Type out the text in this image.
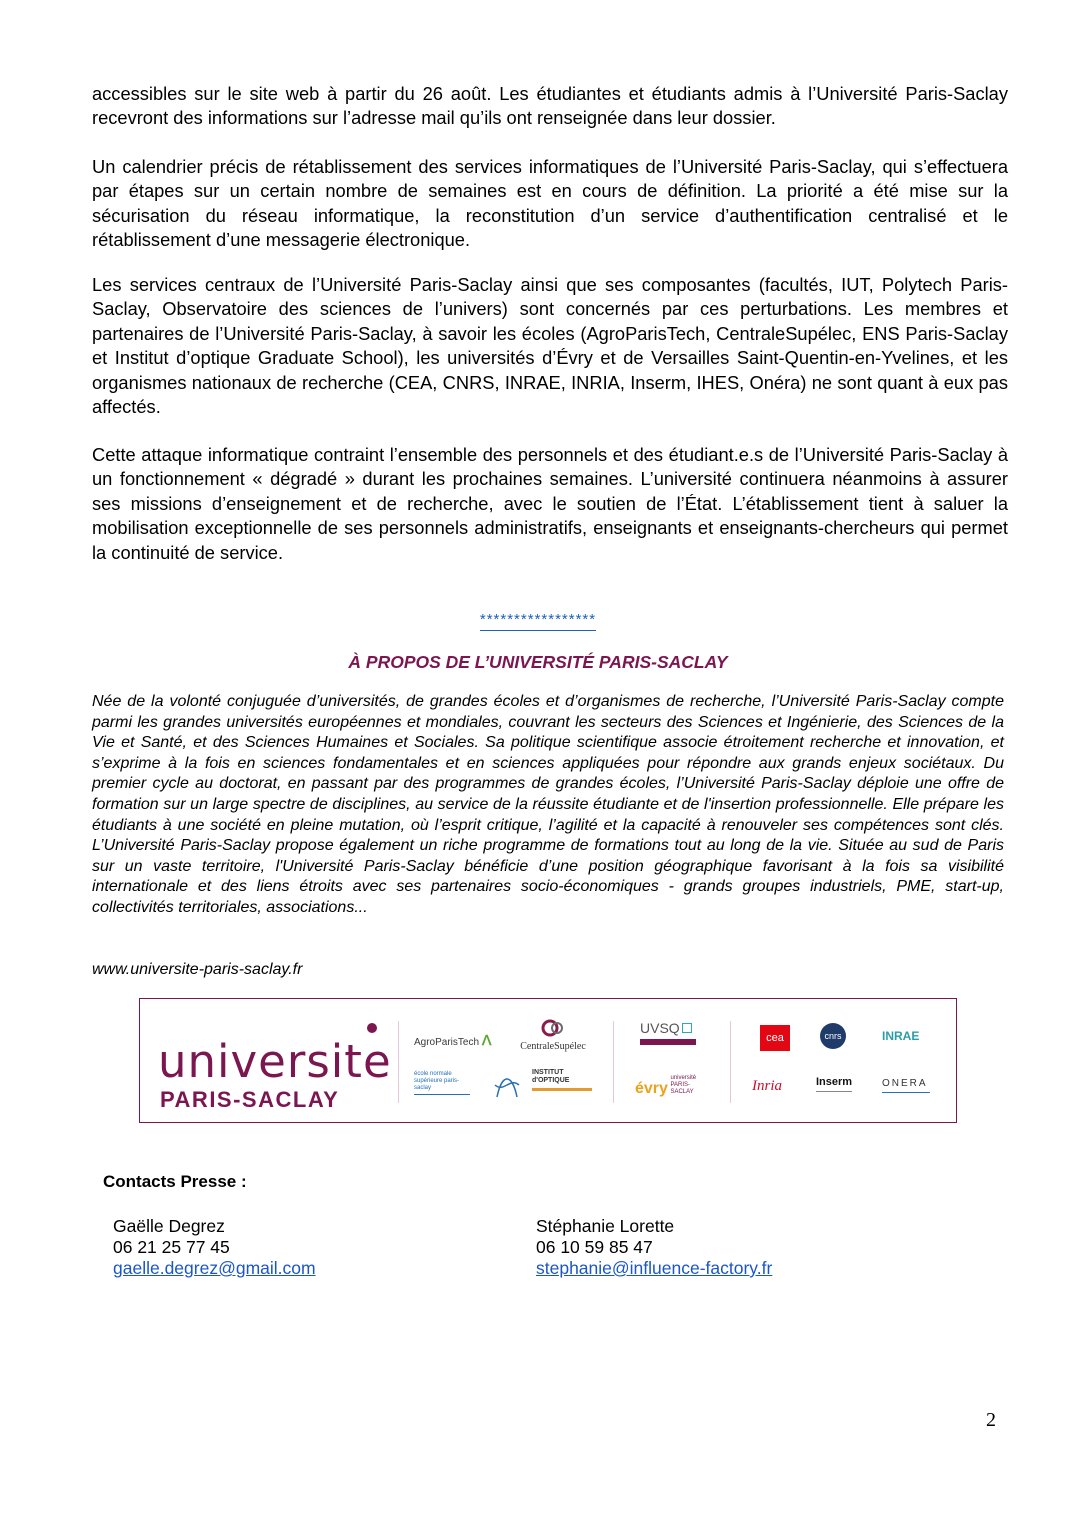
accessibles sur le site web à partir du 26 août. Les étudiantes et étudiants admis à l’Université Paris-Saclay recevront des informations sur l’adresse mail qu’ils ont renseignée dans leur dossier.

Un calendrier précis de rétablissement des services informatiques de l’Université Paris-Saclay, qui s’effectuera par étapes sur un certain nombre de semaines est en cours de définition. La priorité a été mise sur la sécurisation du réseau informatique, la reconstitution d’un service d’authentification centralisé et le rétablissement d’une messagerie électronique.

Les services centraux de l’Université Paris-Saclay ainsi que ses composantes (facultés, IUT, Polytech Paris-Saclay, Observatoire des sciences de l’univers) sont concernés par ces perturbations. Les membres et partenaires de l’Université Paris-Saclay, à savoir les écoles (AgroParisTech, CentraleSupélec, ENS Paris-Saclay et Institut d’optique Graduate School), les universités d’Évry et de Versailles Saint-Quentin-en-Yvelines, et les organismes nationaux de recherche (CEA, CNRS, INRAE, INRIA, Inserm, IHES, Onéra) ne sont quant à eux pas affectés.

Cette attaque informatique contraint l’ensemble des personnels et des étudiant.e.s de l’Université Paris-Saclay à un fonctionnement « dégradé » durant les prochaines semaines. L’université continuera néanmoins à assurer ses missions d’enseignement et de recherche, avec le soutien de l’État. L’établissement tient à saluer la mobilisation exceptionnelle de ses personnels administratifs, enseignants et enseignants-chercheurs qui permet la continuité de service.

*****************
À PROPOS DE L’UNIVERSITÉ PARIS-SACLAY

Née de la volonté conjuguée d’universités, de grandes écoles et d’organismes de recherche, l’Université Paris-Saclay compte parmi les grandes universités européennes et mondiales, couvrant les secteurs des Sciences et Ingénierie, des Sciences de la Vie et Santé, et des Sciences Humaines et Sociales. Sa politique scientifique associe étroitement recherche et innovation, et s’exprime à la fois en sciences fondamentales et en sciences appliquées pour répondre aux grands enjeux sociétaux. Du premier cycle au doctorat, en passant par des programmes de grandes écoles, l’Université Paris-Saclay déploie une offre de formation sur un large spectre de disciplines, au service de la réussite étudiante et de l'insertion professionnelle. Elle prépare les étudiants à une société en pleine mutation, où l’esprit critique, l’agilité et la capacité à renouveler ses compétences sont clés. L’Université Paris-Saclay propose également un riche programme de formations tout au long de la vie. Située au sud de Paris sur un vaste territoire, l'Université Paris-Saclay bénéficie d’une position géographique favorisant à la fois sa visibilité internationale et des liens étroits avec ses partenaires socio-économiques - grands groupes industriels, PME, start-up, collectivités territoriales, associations...

www.universite-paris-saclay.fr

universite
PARIS-SACLAY
AgroParisTech ᐱ	CentraleSupélec
UVSQ
école normale supérieure paris-saclay
INSTITUT d'OPTIQUE	évry université PARIS-SACLAY
cea	cnrs	INRAE
Inria	Inserm	ONERA

Contacts Presse :

Gaëlle Degrez
06 21 25 77 45
gaelle.degrez@gmail.com
Stéphanie Lorette
06 10 59 85 47
stephanie@influence-factory.fr
2
